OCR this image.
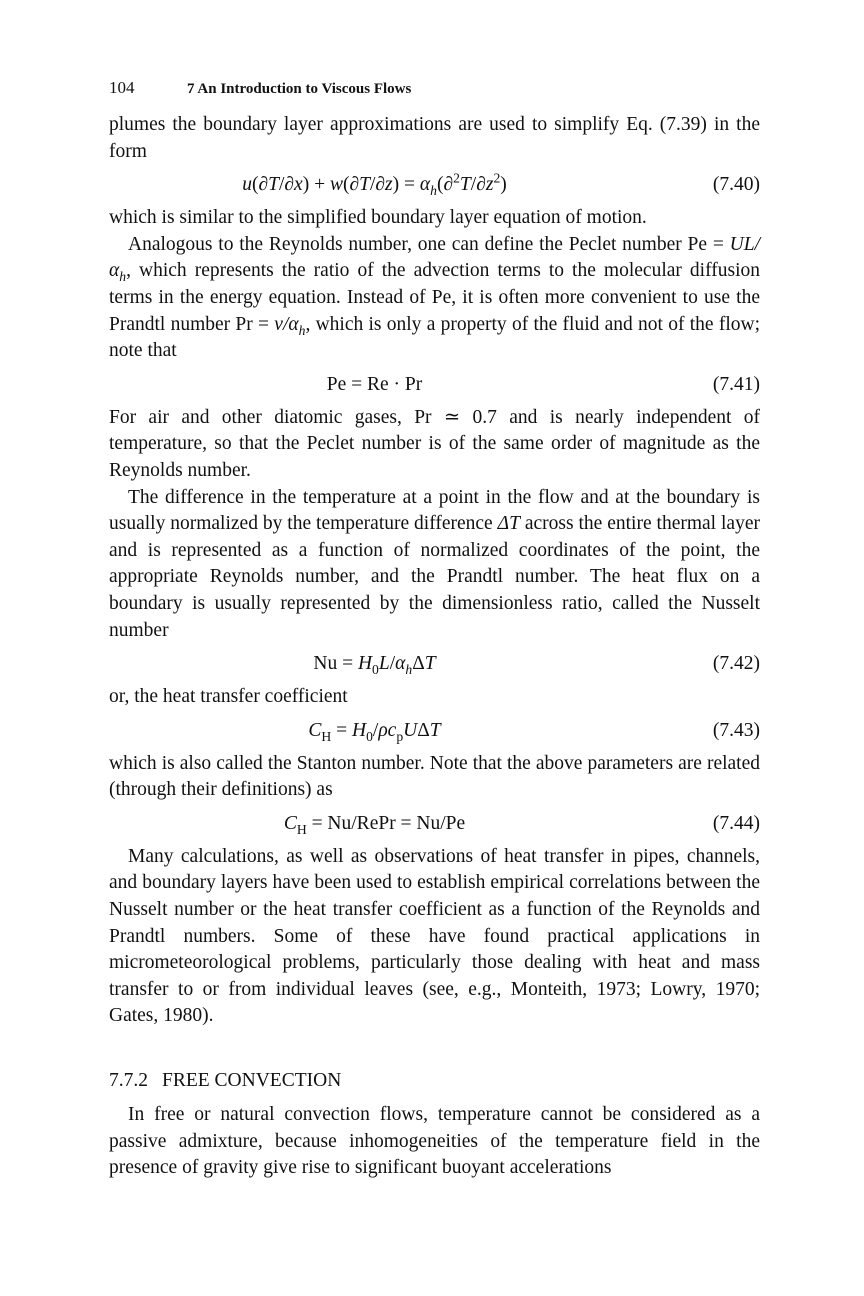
104	7 An Introduction to Viscous Flows

plumes the boundary layer approximations are used to simplify Eq. (7.39) in the form

$u(\partial T/\partial x) + w(\partial T/\partial z) = \alpha_h(\partial^2T/\partial z^2)$	(7.40)

which is similar to the simplified boundary layer equation of motion.

Analogous to the Reynolds number, one can define the Peclet number $Pe = UL/\alpha_h$, which represents the ratio of the advection terms to the molecular diffusion terms in the energy equation. Instead of Pe, it is often more convenient to use the Prandtl number $Pr = \nu/\alpha_h$, which is only a property of the fluid and not of the flow; note that

Pe = Re · Pr	(7.41)

For air and other diatomic gases, Pr ≃ 0.7 and is nearly independent of temperature, so that the Peclet number is of the same order of magnitude as the Reynolds number.

The difference in the temperature at a point in the flow and at the boundary is usually normalized by the temperature difference ΔT across the entire thermal layer and is represented as a function of normalized coordinates of the point, the appropriate Reynolds number, and the Prandtl number. The heat flux on a boundary is usually represented by the dimensionless ratio, called the Nusselt number

$Nu = H_0L/\alpha_h\Delta T$	(7.42)

or, the heat transfer coefficient

$C_H = H_0/\rho c_pU\Delta T$	(7.43)

which is also called the Stanton number. Note that the above parameters are related (through their definitions) as

$C_H$ = Nu/RePr = Nu/Pe	(7.44)

Many calculations, as well as observations of heat transfer in pipes, channels, and boundary layers have been used to establish empirical correlations between the Nusselt number or the heat transfer coefficient as a function of the Reynolds and Prandtl numbers. Some of these have found practical applications in micrometeorological problems, particularly those dealing with heat and mass transfer to or from individual leaves (see, e.g., Monteith, 1973; Lowry, 1970; Gates, 1980).

7.7.2 FREE CONVECTION

In free or natural convection flows, temperature cannot be considered as a passive admixture, because inhomogeneities of the temperature field in the presence of gravity give rise to significant buoyant accelerations
